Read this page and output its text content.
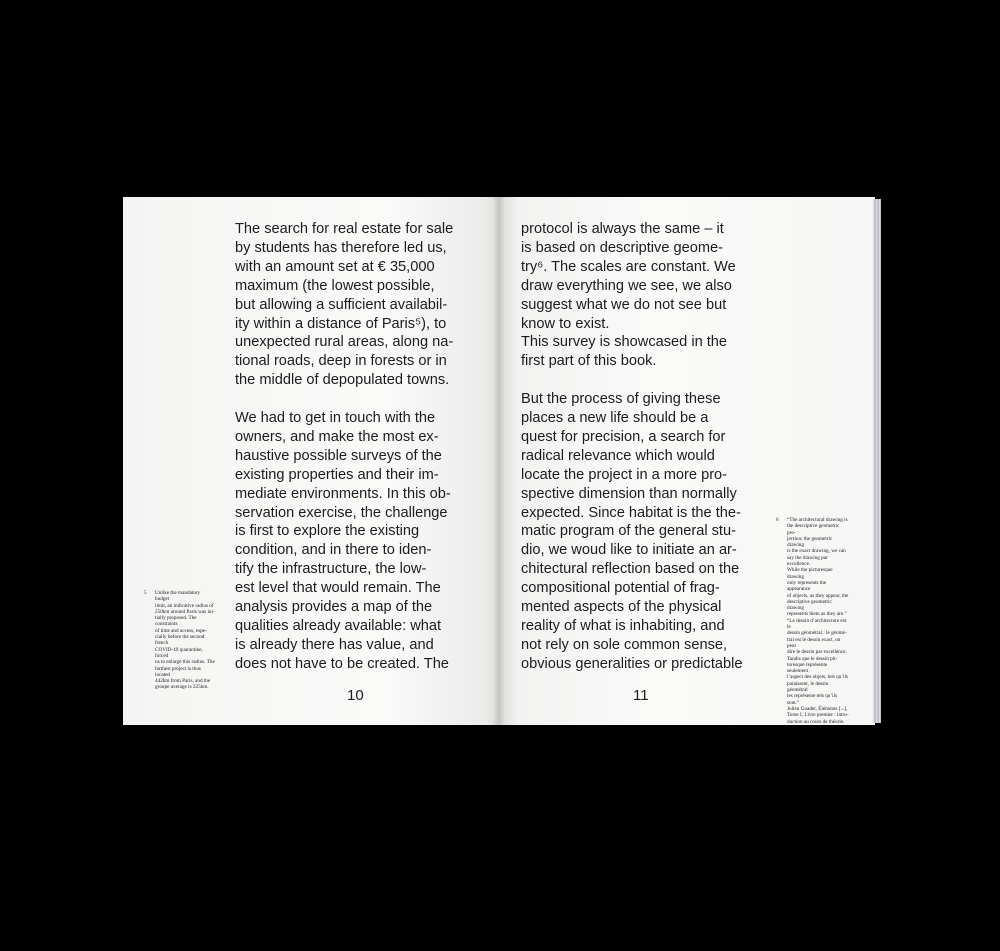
The search for real estate for sale
by students has therefore led us,
with an amount set at € 35,000
maximum (the lowest possible,
but allowing a sufficient availabil-
ity within a distance of Paris⁵), to
unexpected rural areas, along na-
tional roads, deep in forests or in
the middle of depopulated towns.

We had to get in touch with the
owners, and make the most ex-
haustive possible surveys of the
existing properties and their im-
mediate environments. In this ob-
servation exercise, the challenge
is first to explore the existing
condition, and in there to iden-
tify the infrastructure, the low-
est level that would remain. The
analysis provides a map of the
qualities already available: what
is already there has value, and
does not have to be created. The

5 Unlike the mandatory budget
limit, an indicative radius of
250km around Paris was ini-
tially proposed. The constraints
of time and access, espe-
cially before the second french
COVID-19 quarantine, forced
us to enlarge this radius. The
farthest project is thus located
442km from Paris, and the
groupe average is 225km.	10

protocol is always the same – it
is based on descriptive geome-
try⁶. The scales are constant. We
draw everything we see, we also
suggest what we do not see but
know to exist.
This survey is showcased in the
first part of this book.

But the process of giving these
places a new life should be a
quest for precision, a search for
radical relevance which would
locate the project in a more pro-
spective dimension than normally
expected. Since habitat is the the-
matic program of the general stu-
dio, we woud like to initiate an ar-
chitectural reflection based on the
compositional potential of frag-
mented aspects of the physical
reality of what is inhabiting, and
not rely on sole common sense,
obvious generalities or predictable

6 “The architectural drawing is
the descriptive geometric pro-
jection; the geometric drawing
is the exact drawing, we can
say the drawing par excellence.
While the picturesque drawing
only represents the appearance
of objects, as they appear, the
descriptive geometric drawing
represents them as they are.”
“Le dessin d’architecture est le
dessin géométral : le géomé-
tral est le dessin exact, on peut
dire le dessin par excellence.
Tandis que le dessin pit-
toresque représente seulement
l’aspect des objets, tels qu’ils
paraissent, le dessin géométral
les représente tels qu’ils sont.”
Julien Guadet, Éléments [...],
Tome I, Livre premier : intro-
duction au cours de théorie.
11
